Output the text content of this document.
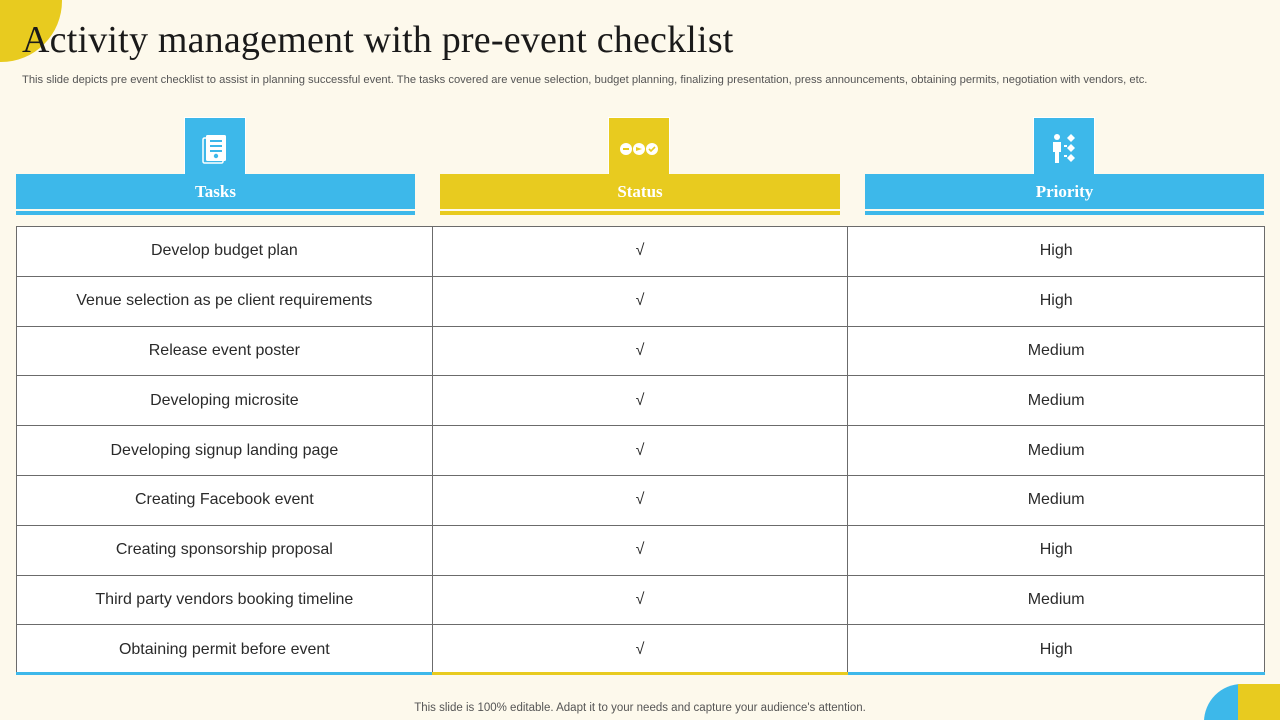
Activity management with pre-event checklist

This slide depicts pre event checklist to assist in planning successful event. The tasks covered are venue selection, budget planning, finalizing presentation, press announcements, obtaining permits, negotiation with vendors, etc.

Tasks	Status	Priority
Develop budget plan	√	High
Venue selection as pe client requirements	√	High
Release event poster	√	Medium
Developing microsite	√	Medium
Developing signup landing page	√	Medium
Creating Facebook event	√	Medium
Creating sponsorship proposal	√	High
Third party vendors booking timeline	√	Medium
Obtaining permit before event	√	High
This slide is 100% editable. Adapt it to your needs and capture your audience's attention.
